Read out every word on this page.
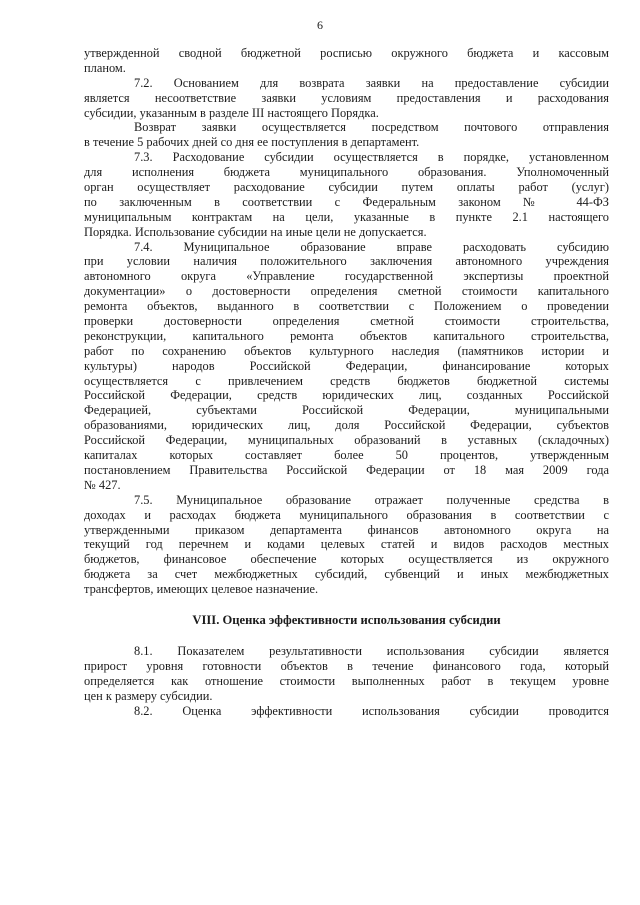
6
утвержденной сводной бюджетной росписью окружного бюджета и кассовым
планом.
7.2. Основанием для возврата заявки на предоставление субсидии
является несоответствие заявки условиям предоставления и расходования
субсидии, указанным в разделе III настоящего Порядка.
Возврат заявки осуществляется посредством почтового отправления
в течение 5 рабочих дней со дня ее поступления в департамент.
7.3. Расходование субсидии осуществляется в порядке, установленном
для исполнения бюджета муниципального образования. Уполномоченный
орган осуществляет расходование субсидии путем оплаты работ (услуг)
по заключенным в соответствии с Федеральным законом № 44-ФЗ
муниципальным контрактам на цели, указанные в пункте 2.1 настоящего
Порядка. Использование субсидии на иные цели не допускается.
7.4. Муниципальное образование вправе расходовать субсидию
при условии наличия положительного заключения автономного учреждения
автономного округа «Управление государственной экспертизы проектной
документации» о достоверности определения сметной стоимости капитального
ремонта объектов, выданного в соответствии с Положением о проведении
проверки достоверности определения сметной стоимости строительства,
реконструкции, капитального ремонта объектов капитального строительства,
работ по сохранению объектов культурного наследия (памятников истории и
культуры) народов Российской Федерации, финансирование которых
осуществляется с привлечением средств бюджетов бюджетной системы
Российской Федерации, средств юридических лиц, созданных Российской
Федерацией, субъектами Российской Федерации, муниципальными
образованиями, юридических лиц, доля Российской Федерации, субъектов
Российской Федерации, муниципальных образований в уставных (складочных)
капиталах которых составляет более 50 процентов, утвержденным
постановлением Правительства Российской Федерации от 18 мая 2009 года
№ 427.
7.5. Муниципальное образование отражает полученные средства в
доходах и расходах бюджета муниципального образования в соответствии с
утвержденными приказом департамента финансов автономного округа на
текущий год перечнем и кодами целевых статей и видов расходов местных
бюджетов, финансовое обеспечение которых осуществляется из окружного
бюджета за счет межбюджетных субсидий, субвенций и иных межбюджетных
трансфертов, имеющих целевое назначение.
VIII. Оценка эффективности использования субсидии
8.1. Показателем результативности использования субсидии является
прирост уровня готовности объектов в течение финансового года, который
определяется как отношение стоимости выполненных работ в текущем уровне
цен к размеру субсидии.
8.2. Оценка эффективности использования субсидии проводится
